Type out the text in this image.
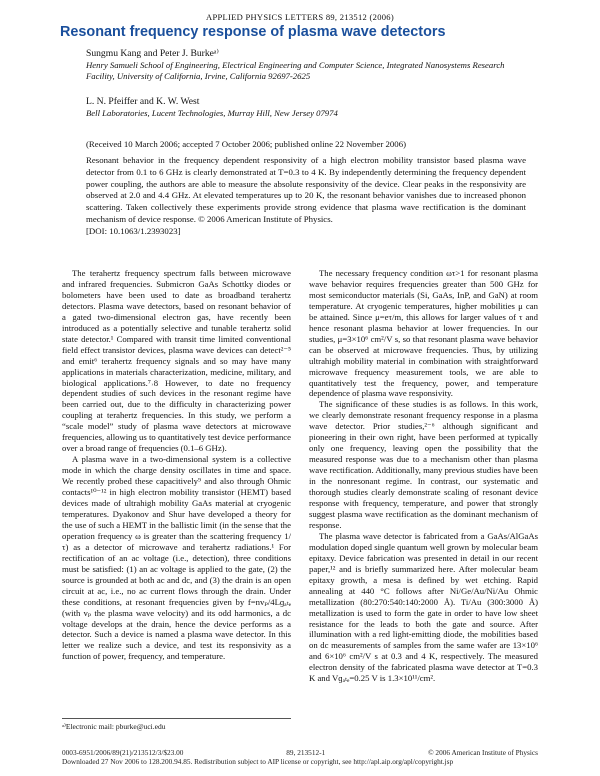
APPLIED PHYSICS LETTERS 89, 213512 (2006)
Resonant frequency response of plasma wave detectors
Sungmu Kang and Peter J. Burkeᵃ⁾
Henry Samueli School of Engineering, Electrical Engineering and Computer Science, Integrated Nanosystems Research Facility, University of California, Irvine, California 92697-2625
L. N. Pfeiffer and K. W. West
Bell Laboratories, Lucent Technologies, Murray Hill, New Jersey 07974
(Received 10 March 2006; accepted 7 October 2006; published online 22 November 2006)
Resonant behavior in the frequency dependent responsivity of a high electron mobility transistor based plasma wave detector from 0.1 to 6 GHz is clearly demonstrated at T=0.3 to 4 K. By independently determining the frequency dependent power coupling, the authors are able to measure the absolute responsivity of the device. Clear peaks in the responsivity are observed at 2.0 and 4.4 GHz. At elevated temperatures up to 20 K, the resonant behavior vanishes due to increased phonon scattering. Taken collectively these experiments provide strong evidence that plasma wave rectification is the dominant mechanism of device response. © 2006 American Institute of Physics.
[DOI: 10.1063/1.2393023]

The terahertz frequency spectrum falls between microwave and infrared frequencies. Submicron GaAs Schottky diodes or bolometers have been used to date as broadband terahertz detectors. Plasma wave detectors, based on resonant behavior of a gated two-dimensional electron gas, have recently been introduced as a potentially selective and tunable terahertz solid state detector.¹ Compared with transit time limited conventional field effect transistor devices, plasma wave devices can detect²⁻⁵ and emit⁶ terahertz frequency signals and so may have many applications in materials characterization, medicine, military, and biological applications.⁷˒8 However, to date no frequency dependent studies of such devices in the resonant regime have been carried out, due to the difficulty in characterizing power coupling at terahertz frequencies. In this study, we perform a “scale model” study of plasma wave detectors at microwave frequencies, allowing us to quantitatively test device performance over a broad range of frequencies (0.1–6 GHz).

A plasma wave in a two-dimensional system is a collective mode in which the charge density oscillates in time and space. We recently probed these capacitively⁹ and also through Ohmic contacts¹⁰⁻¹² in high electron mobility transistor (HEMT) based devices made of ultrahigh mobility GaAs material at cryogenic temperatures. Dyakonov and Shur have developed a theory for the use of such a HEMT in the ballistic limit (in the sense that the operation frequency ω is greater than the scattering frequency 1/τ) as a detector of microwave and terahertz radiations.¹ For rectification of an ac voltage (i.e., detection), three conditions must be satisfied: (1) an ac voltage is applied to the gate, (2) the source is grounded at both ac and dc, and (3) the drain is an open circuit at ac, i.e., no ac current flows through the drain. Under these conditions, at resonant frequencies given by f=nvₚ/4Lɡₐₜₑ (with vₚ the plasma wave velocity) and its odd harmonics, a dc voltage develops at the drain, hence the device performs as a detector. Such a device is named a plasma wave detector. In this letter we realize such a device, and test its responsivity as a function of power, frequency, and temperature.

The necessary frequency condition ωτ>1 for resonant plasma wave behavior requires frequencies greater than 500 GHz for most semiconductor materials (Si, GaAs, InP, and GaN) at room temperature. At cryogenic temperatures, higher mobilities μ can be attained. Since μ=eτ/m, this allows for larger values of τ and hence resonant plasma behavior at lower frequencies. In our studies, μ=3×10⁶ cm²/V s, so that resonant plasma wave behavior can be observed at microwave frequencies. Thus, by utilizing ultrahigh mobility material in combination with straightforward microwave frequency measurement tools, we are able to quantitatively test the frequency, power, and temperature dependence of plasma wave responsivity.

The significance of these studies is as follows. In this work, we clearly demonstrate resonant frequency response in a plasma wave detector. Prior studies,²⁻⁶ although significant and pioneering in their own right, have been performed at typically only one frequency, leaving open the possibility that the measured response was due to a mechanism other than plasma wave rectification. Additionally, many previous studies have been in the nonresonant regime. In contrast, our systematic and thorough studies clearly demonstrate scaling of resonant device response with frequency, temperature, and power that strongly suggest plasma wave rectification as the dominant mechanism of response.

The plasma wave detector is fabricated from a GaAs/AlGaAs modulation doped single quantum well grown by molecular beam epitaxy. Device fabrication was presented in detail in our recent paper,¹² and is briefly summarized here. After molecular beam epitaxy growth, a mesa is defined by wet etching. Rapid annealing at 440 °C follows after Ni/Ge/Au/Ni/Au Ohmic metallization (80:270:540:140:2000 Å). Ti/Au (300:3000 Å) metallization is used to form the gate in order to have low sheet resistance for the leads to both the gate and source. After illumination with a red light-emitting diode, the mobilities based on dc measurements of samples from the same wafer are 13×10⁶ and 6×10⁶ cm²/V s at 0.3 and 4 K, respectively. The measured electron density of the fabricated plasma wave detector at T=0.3 K and Vɡₐₜₑ=0.25 V is 1.3×10¹¹/cm².

ᵃ⁾Electronic mail: pburke@uci.edu
0003-6951/2006/89(21)/213512/3/$23.00	89, 213512-1	© 2006 American Institute of Physics
Downloaded 27 Nov 2006 to 128.200.94.85. Redistribution subject to AIP license or copyright, see http://apl.aip.org/apl/copyright.jsp
